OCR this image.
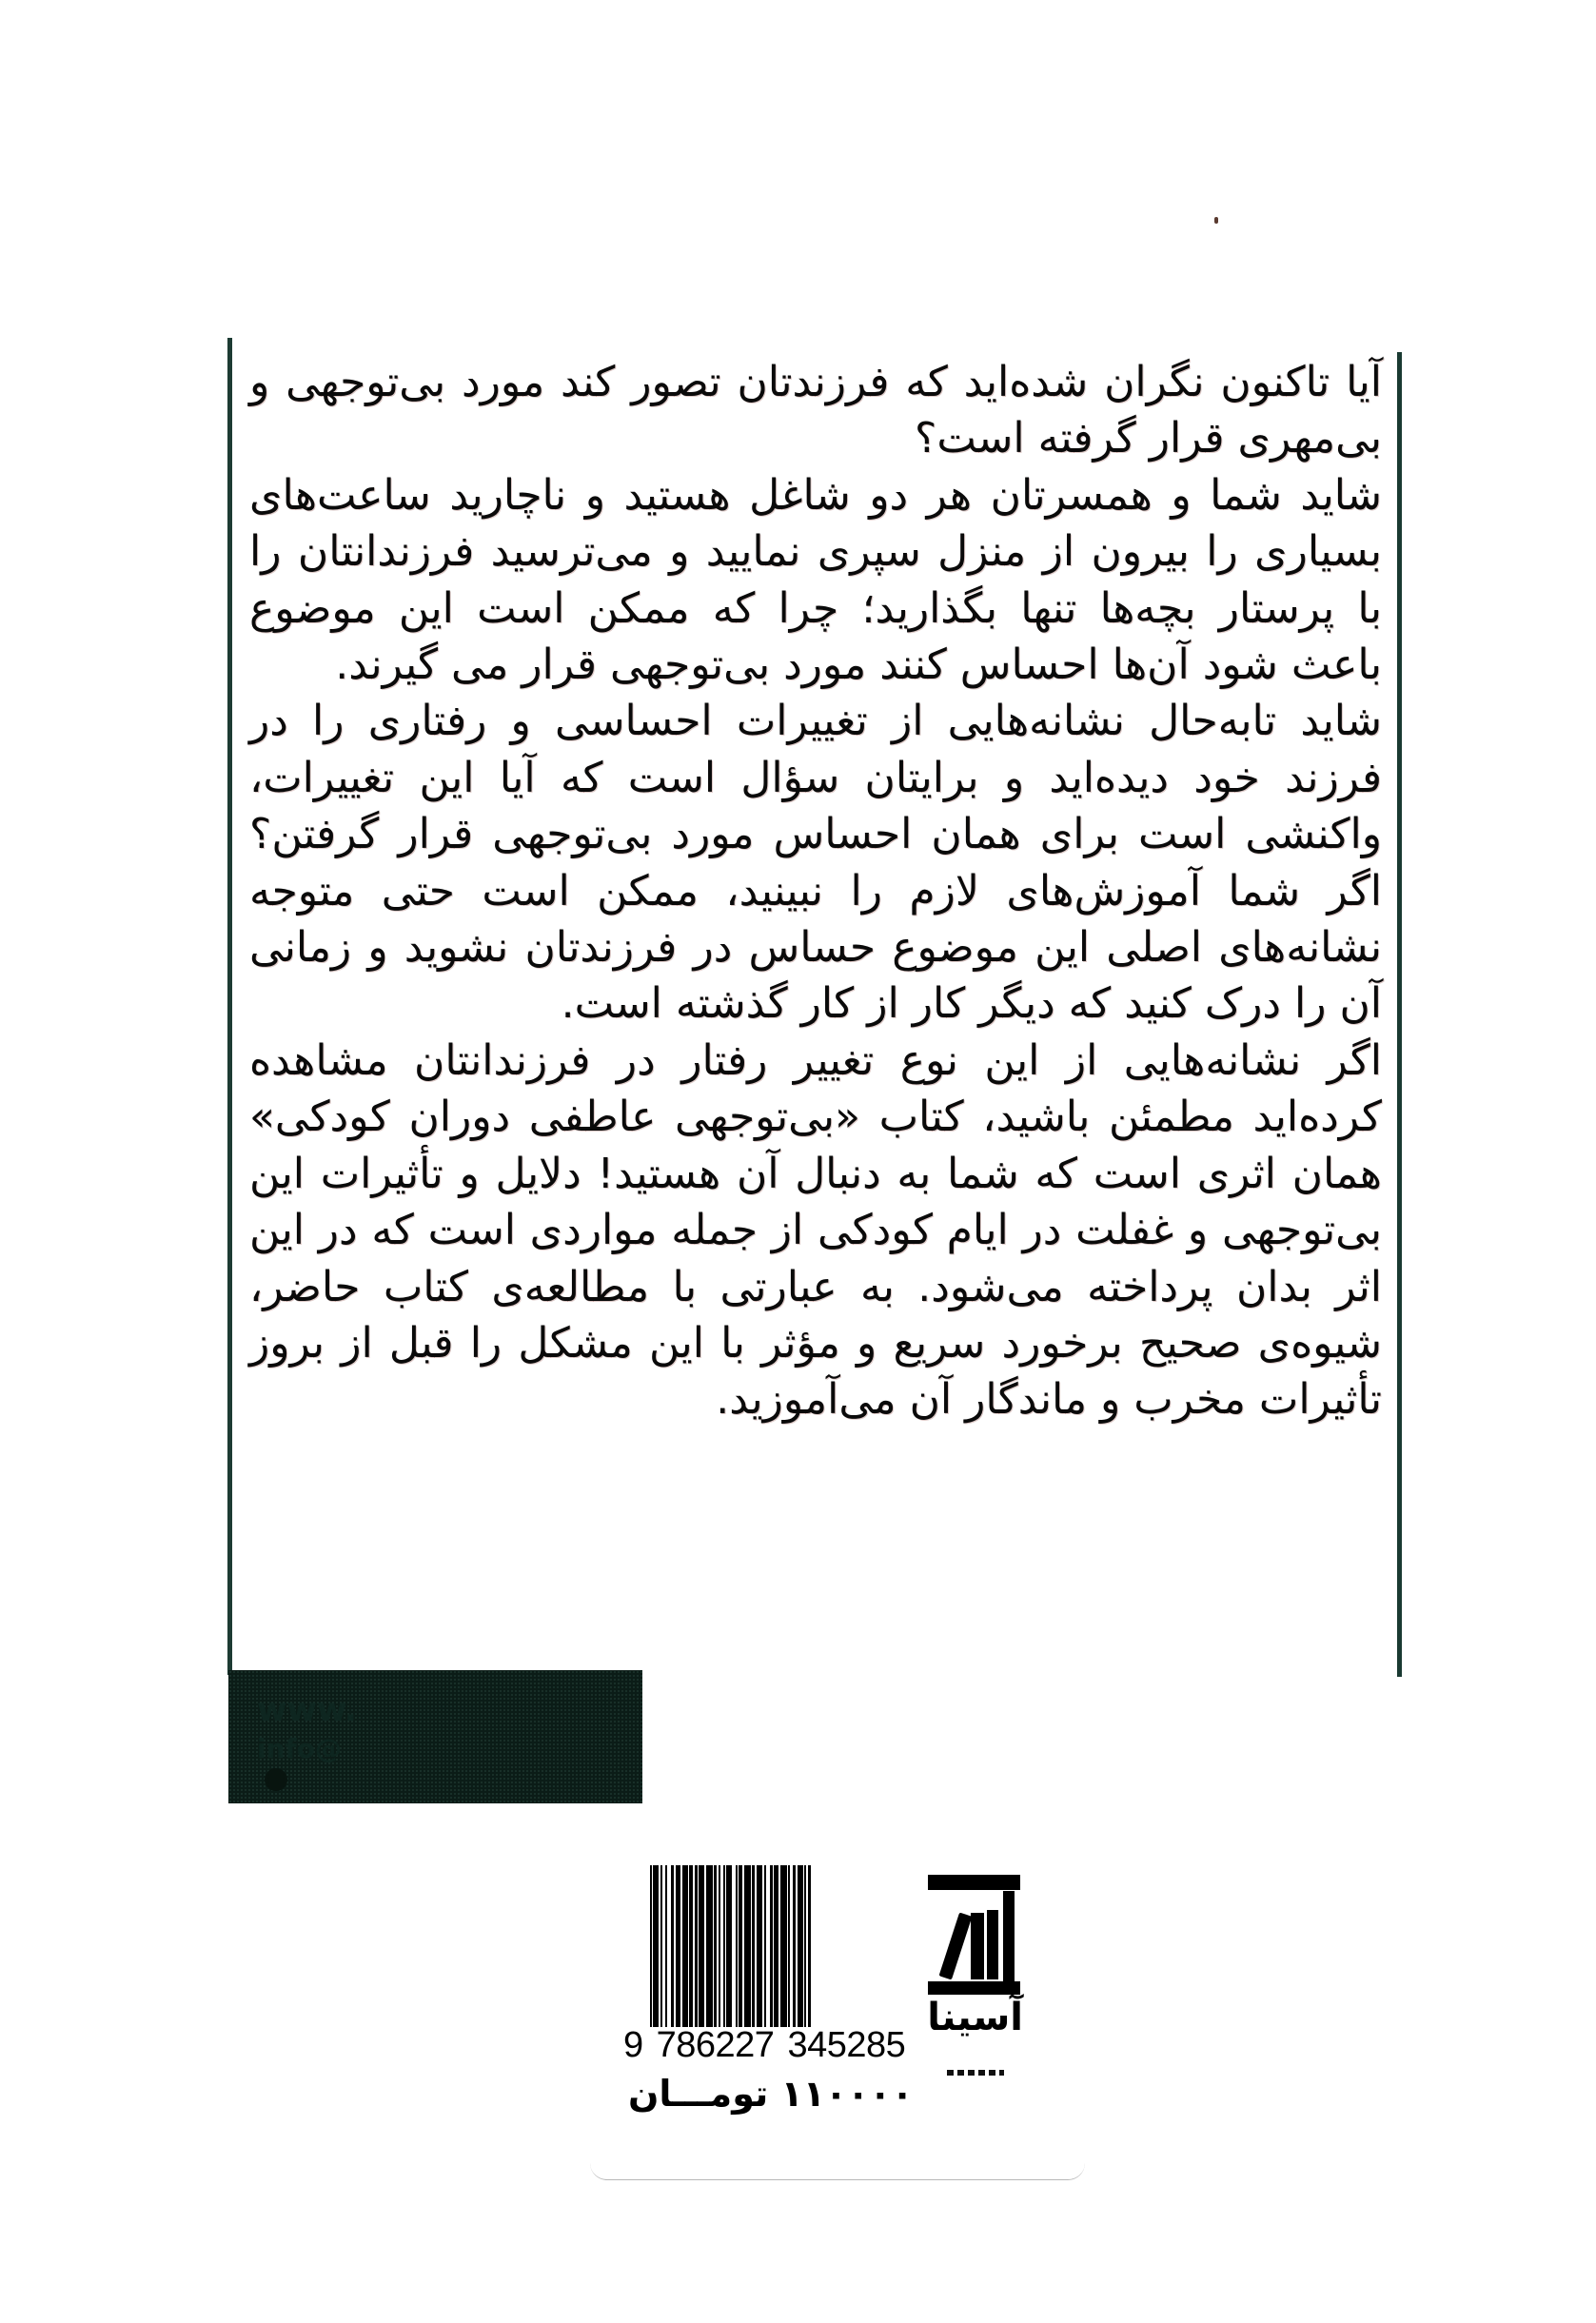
آیا تاکنون نگران شده‌اید که فرزندتان تصور کند مورد بی‌توجهی و بی‌مهری قرار گرفته است؟

شاید شما و همسرتان هر دو شاغل هستید و ناچارید ساعت‌های بسیاری را بیرون از منزل سپری نمایید و می‌ترسید فرزندانتان را با پرستار بچه‌ها تنها بگذارید؛ چرا که ممکن است این موضوع باعث شود آن‌ها احساس کنند مورد بی‌توجهی قرار می گیرند.

شاید تابه‌حال نشانه‌هایی از تغییرات احساسی و رفتاری را در فرزند خود دیده‌اید و برایتان سؤال است که آیا این تغییرات، واکنشی است برای همان احساس مورد بی‌توجهی قرار گرفتن؟ اگر شما آموزش‌های لازم را نبینید، ممکن است حتی متوجه نشانه‌های اصلی این موضوع حساس در فرزندتان نشوید و زمانی آن را درک کنید که دیگر کار از کار گذشته است.

اگر نشانه‌هایی از این نوع تغییر رفتار در فرزندانتان مشاهده کرده‌اید مطمئن باشید، کتاب «بی‌توجهی عاطفی دوران کودکی» همان اثری است که شما به دنبال آن هستید! دلایل و تأثیرات این بی‌توجهی و غفلت در ایام کودکی از جمله مواردی است که در این اثر بدان پرداخته می‌شود. به عبارتی با مطالعه‌ی کتاب حاضر، شیوه‌ی صحیح برخورد سریع و مؤثر با این مشکل را قبل از بروز تأثیرات مخرب و ماندگار آن می‌آموزید.

www.
info@
9 786227 345285
۱۱۰۰۰۰ تومـــان
آسینا
